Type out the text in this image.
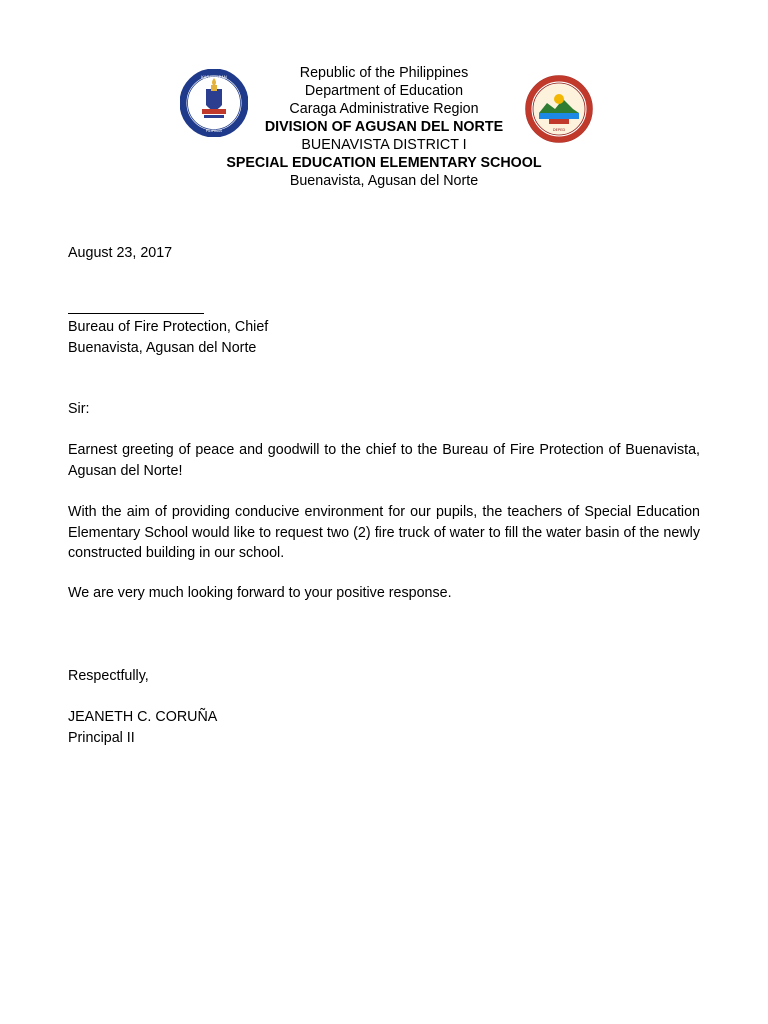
KAGAWARAN
PILIPINAS	DEPED
Republic of the Philippines
Department of Education
Caraga Administrative Region
DIVISION OF AGUSAN DEL NORTE
BUENAVISTA DISTRICT I
SPECIAL EDUCATION ELEMENTARY SCHOOL
Buenavista, Agusan del Norte
August 23, 2017
Bureau of Fire Protection, Chief
Buenavista, Agusan del Norte
Sir:
Earnest greeting of peace and goodwill to the chief to the Bureau of Fire Protection of Buenavista, Agusan del Norte!
With the aim of providing conducive environment for our pupils, the teachers of Special Education Elementary School would like to request two (2) fire truck of water to fill the water basin of the newly constructed building in our school.
We are very much looking forward to your positive response.
Respectfully,
JEANETH C. CORUÑA
Principal II
